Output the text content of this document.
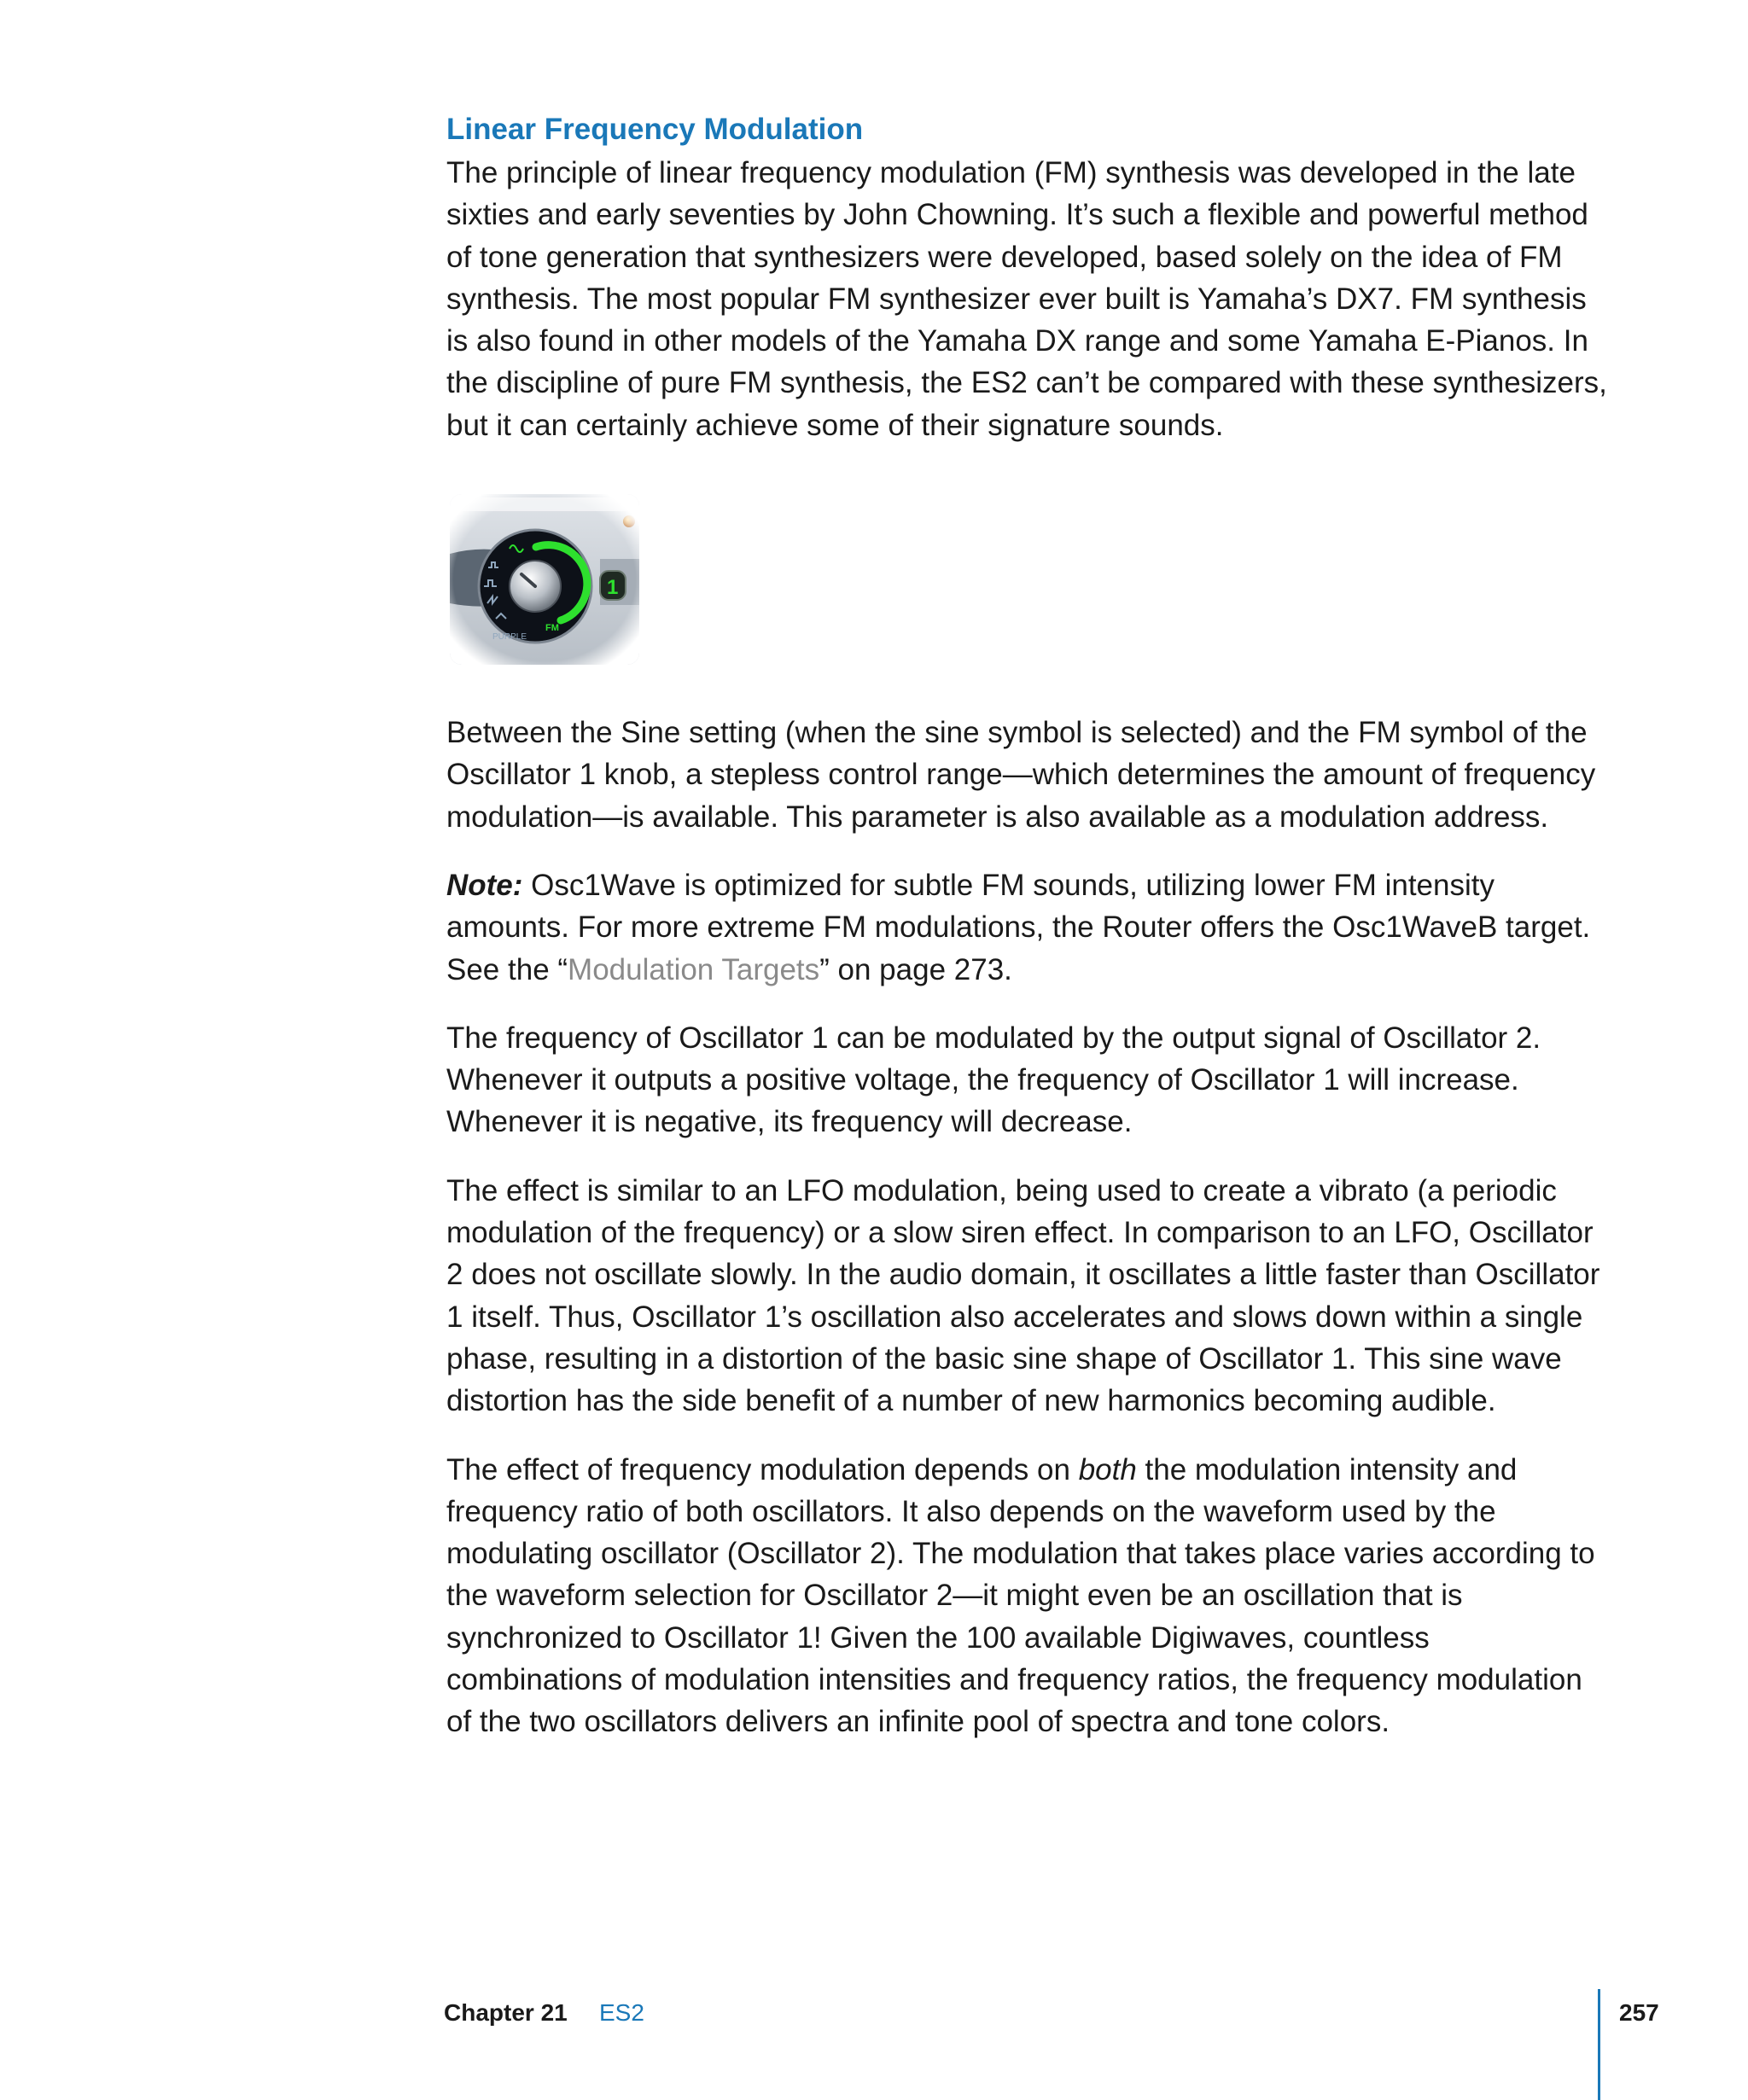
Linear Frequency Modulation

The principle of linear frequency modulation (FM) synthesis was developed in the late sixties and early seventies by John Chowning. It’s such a flexible and powerful method of tone generation that synthesizers were developed, based solely on the idea of FM synthesis. The most popular FM synthesizer ever built is Yamaha’s DX7. FM synthesis is also found in other models of the Yamaha DX range and some Yamaha E-Pianos. In the discipline of pure FM synthesis, the ES2 can’t be compared with these synthesizers, but it can certainly achieve some of their signature sounds.

Between the Sine setting (when the sine symbol is selected) and the FM symbol of the Oscillator 1 knob, a stepless control range—which determines the amount of frequency modulation—is available. This parameter is also available as a modulation address.

Note: Osc1Wave is optimized for subtle FM sounds, utilizing lower FM intensity amounts. For more extreme FM modulations, the Router offers the Osc1WaveB target. See the “Modulation Targets” on page 273.

The frequency of Oscillator 1 can be modulated by the output signal of Oscillator 2. Whenever it outputs a positive voltage, the frequency of Oscillator 1 will increase. Whenever it is negative, its frequency will decrease.

The effect is similar to an LFO modulation, being used to create a vibrato (a periodic modulation of the frequency) or a slow siren effect. In comparison to an LFO, Oscillator 2 does not oscillate slowly. In the audio domain, it oscillates a little faster than Oscillator 1 itself. Thus, Oscillator 1’s oscillation also accelerates and slows down within a single phase, resulting in a distortion of the basic sine shape of Oscillator 1. This sine wave distortion has the side benefit of a number of new harmonics becoming audible.

The effect of frequency modulation depends on both the modulation intensity and frequency ratio of both oscillators. It also depends on the waveform used by the modulating oscillator (Oscillator 2). The modulation that takes place varies according to the waveform selection for Oscillator 2—it might even be an oscillation that is synchronized to Oscillator 1! Given the 100 available Digiwaves, countless combinations of modulation intensities and frequency ratios, the frequency modulation of the two oscillators delivers an infinite pool of spectra and tone colors.

Chapter 21 ES2	257
